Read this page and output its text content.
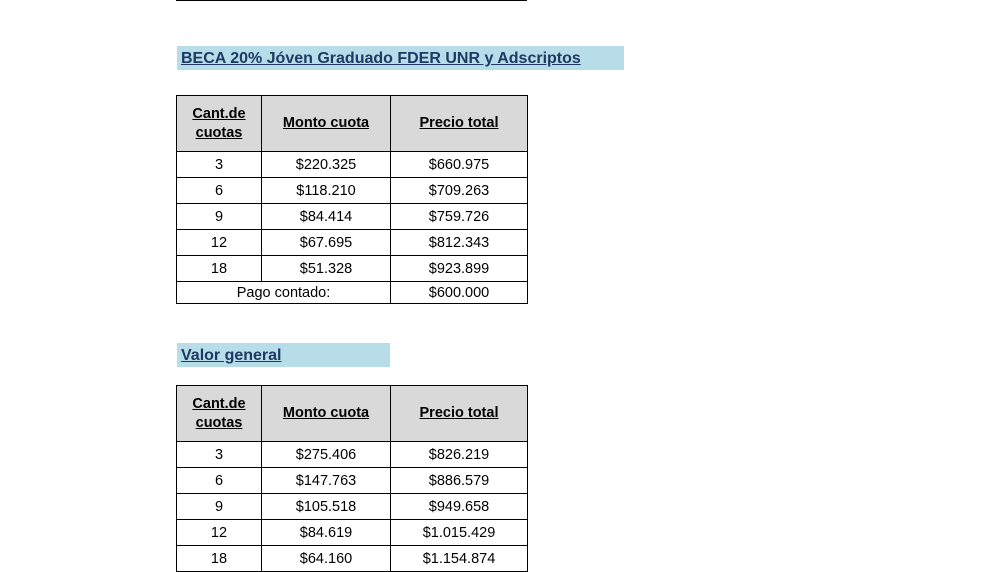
BECA 20% Jóven Graduado FDER UNR y Adscriptos
Cant.de cuotas	Monto cuota	Precio total
3	$220.325	$660.975
6	$118.210	$709.263
9	$84.414	$759.726
12	$67.695	$812.343
18	$51.328	$923.899
Pago contado:		$600.000
Valor general
Cant.de cuotas	Monto cuota	Precio total
3	$275.406	$826.219
6	$147.763	$886.579
9	$105.518	$949.658
12	$84.619	$1.015.429
18	$64.160	$1.154.874
